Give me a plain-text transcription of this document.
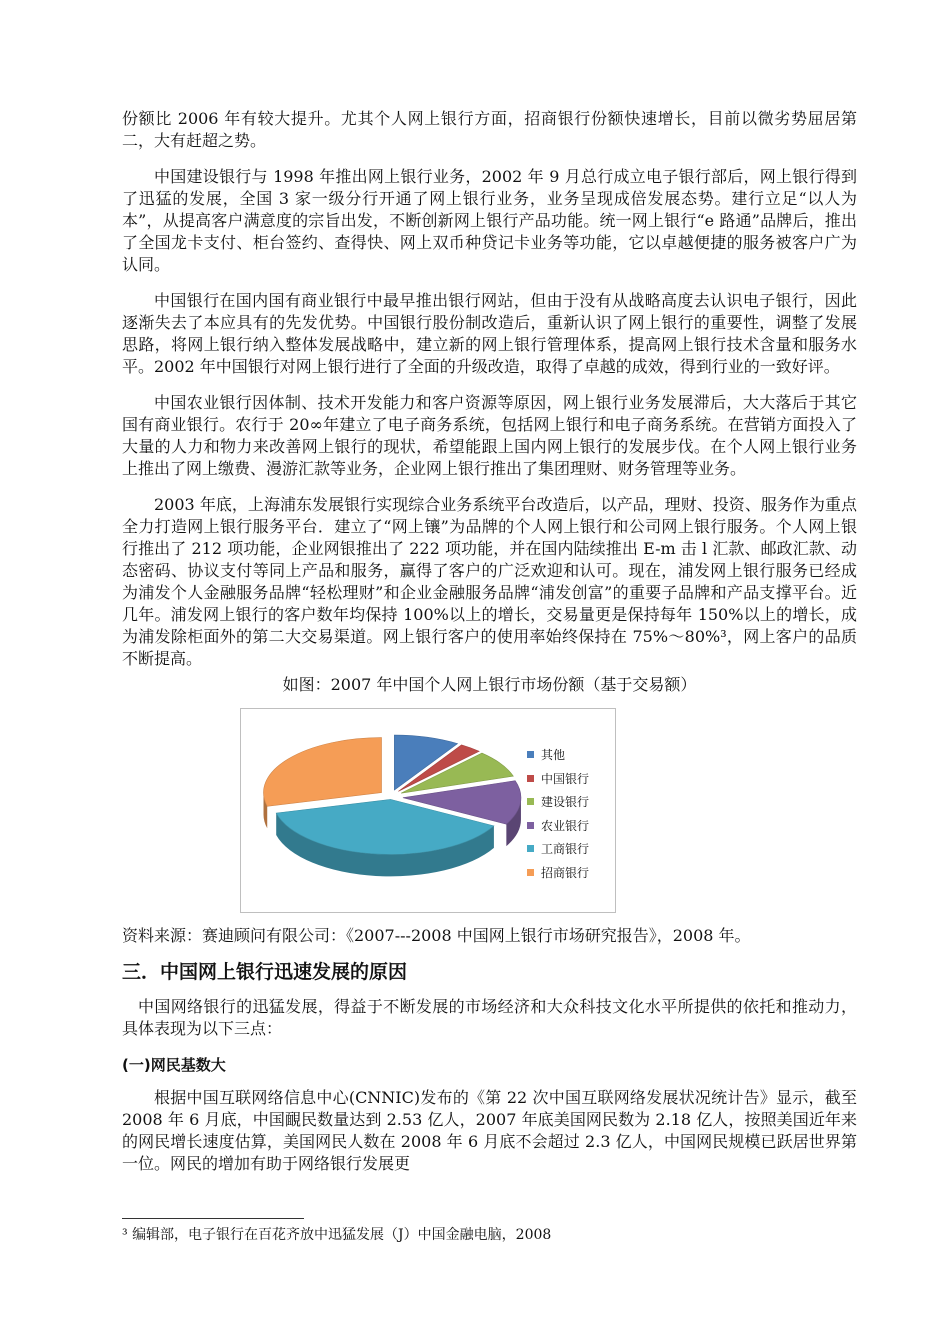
份额比 2006 年有较大提升。尤其个人网上银行方面，招商银行份额快速增长，目前以微劣势屈居第二，大有赶超之势。

中国建设银行与 1998 年推出网上银行业务，2002 年 9 月总行成立电子银行部后，网上银行得到了迅猛的发展，全国 3 家一级分行开通了网上银行业务，业务呈现成倍发展态势。建行立足“以人为本”，从提高客户满意度的宗旨出发，不断创新网上银行产品功能。统一网上银行“e 路通”品牌后，推出了全国龙卡支付、柜台签约、查得快、网上双币种贷记卡业务等功能，它以卓越便捷的服务被客户广为认同。

中国银行在国内国有商业银行中最早推出银行网站，但由于没有从战略高度去认识电子银行，因此逐渐失去了本应具有的先发优势。中国银行股份制改造后，重新认识了网上银行的重要性，调整了发展思路，将网上银行纳入整体发展战略中，建立新的网上银行管理体系，提高网上银行技术含量和服务水平。2002 年中国银行对网上银行进行了全面的升级改造，取得了卓越的成效，得到行业的一致好评。

中国农业银行因体制、技术开发能力和客户资源等原因，网上银行业务发展滞后，大大落后于其它国有商业银行。农行于 20∞年建立了电子商务系统，包括网上银行和电子商务系统。在营销方面投入了大量的人力和物力来改善网上银行的现状，希望能跟上国内网上银行的发展步伐。在个人网上银行业务上推出了网上缴费、漫游汇款等业务，企业网上银行推出了集团理财、财务管理等业务。

2003 年底，上海浦东发展银行实现综合业务系统平台改造后，以产品，理财、投资、服务作为重点全力打造网上银行服务平台．建立了“网上镶”为品牌的个人网上银行和公司网上银行服务。个人网上银行推出了 212 项功能，企业网银推出了 222 项功能，并在国内陆续推出 E-m 击 l 汇款、邮政汇款、动态密码、协议支付等同上产品和服务，赢得了客户的广泛欢迎和认可。现在，浦发网上银行服务已经成为浦发个人金融服务品牌“轻松理财”和企业金融服务品牌“浦发创富”的重要子品牌和产品支撑平台。近几年。浦发网上银行的客户数年均保持 100%以上的增长，交易量更是保持每年 150%以上的增长，成为浦发除柜面外的第二大交易渠道。网上银行客户的使用率始终保持在 75%～80%³，网上客户的品质不断提高。

如图：2007 年中国个人网上银行市场份额（基于交易额）
其他
中国银行
建设银行
农业银行
工商银行
招商银行
资料来源：赛迪顾问有限公司：《2007---2008 中国网上银行市场研究报告》，2008 年。
三．中国网上银行迅速发展的原因

中国网络银行的迅猛发展，得益于不断发展的市场经济和大众科技文化水平所提供的依托和推动力，具体表现为以下三点：

(一)网民基数大

根据中国互联网络信息中心(CNNIC)发布的《第 22 次中国互联网络发展状况统计告》显示，截至 2008 年 6 月底，中国靦民数量达到 2.53 亿人，2007 年底美国网民数为 2.18 亿人，按照美国近年来的网民增长速度估算，美国网民人数在 2008 年 6 月底不会超过 2.3 亿人，中国网民规模已跃居世界第一位。网民的增加有助于网络银行发展更

³ 编辑部，电子银行在百花齐放中迅猛发展（J）中国金融电脑，2008
